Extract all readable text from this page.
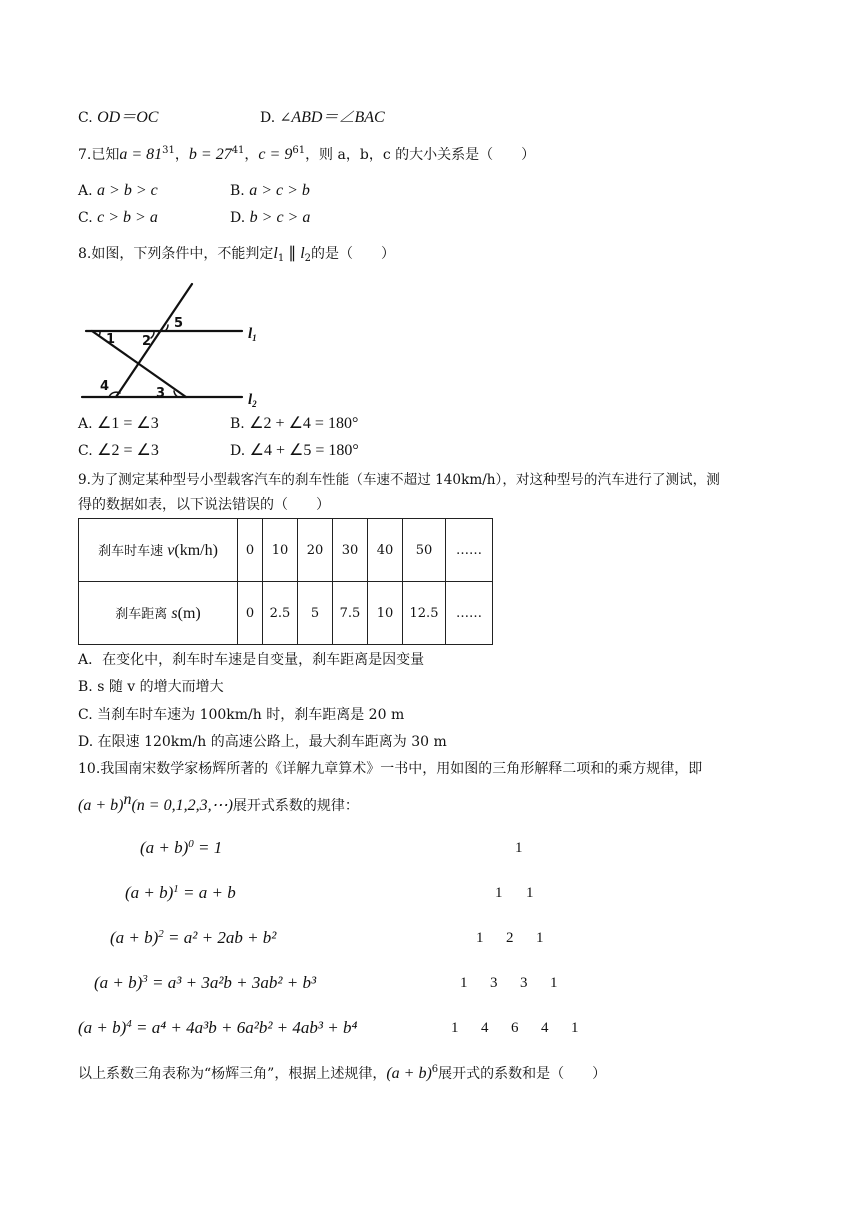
C. OD＝OC	D. ∠ABD＝∠BAC
7.已知$a = 81^{31}$，$b = 27^{41}$，$c = 9^{61}$，则 a，b，c 的大小关系是（　　）
A. a > b > c	B. a > c > b
C. c > b > a	D. b > c > a
8.如图，下列条件中，不能判定$l_1$ ∥ $l_2$的是（　　）
1 2
3
4
5
$l_1$
$l_2$
A. ∠1 = ∠3	B. ∠2 + ∠4 = 180°
C. ∠2 = ∠3	D. ∠4 + ∠5 = 180°
9.为了测定某种型号小型载客汽车的刹车性能（车速不超过 140km/h），对这种型号的汽车进行了测试，测
得的数据如表，以下说法错误的（　　）
刹车时车速 v(km/h)	0	10	20	30	40	50	……
刹车距离 s(m)	0	2.5	5	7.5	10	12.5	……
A．在变化中，刹车时车速是自变量，刹车距离是因变量
B. s 随 v 的增大而增大
C. 当刹车时车速为 100km/h 时，刹车距离是 20 m
D. 在限速 120km/h 的高速公路上，最大刹车距离为 30 m
10.我国南宋数学家杨辉所著的《详解九章算术》一书中，用如图的三角形解释二项和的乘方规律，即
$(a + b)^n(n$ = 0,1,2,3,⋯)展开式系数的规律：
$(a + b)^0 = 1$
$(a + b)^1 = a + b$
$(a + b)^2 = a^2 + 2ab + b^2$
$(a + b)^3 = a^3 + 3a^2b + 3ab^2 + b^3$
$(a + b)^4 = a^4 + 4a^3b + 6a^2b^2 + 4ab^3 + b^4$
1
1 1
1 2 1
1 3 3 1
1 4 6 4 1
以上系数三角表称为“杨辉三角”，根据上述规律，$(a + b)^6$展开式的系数和是（　　）
